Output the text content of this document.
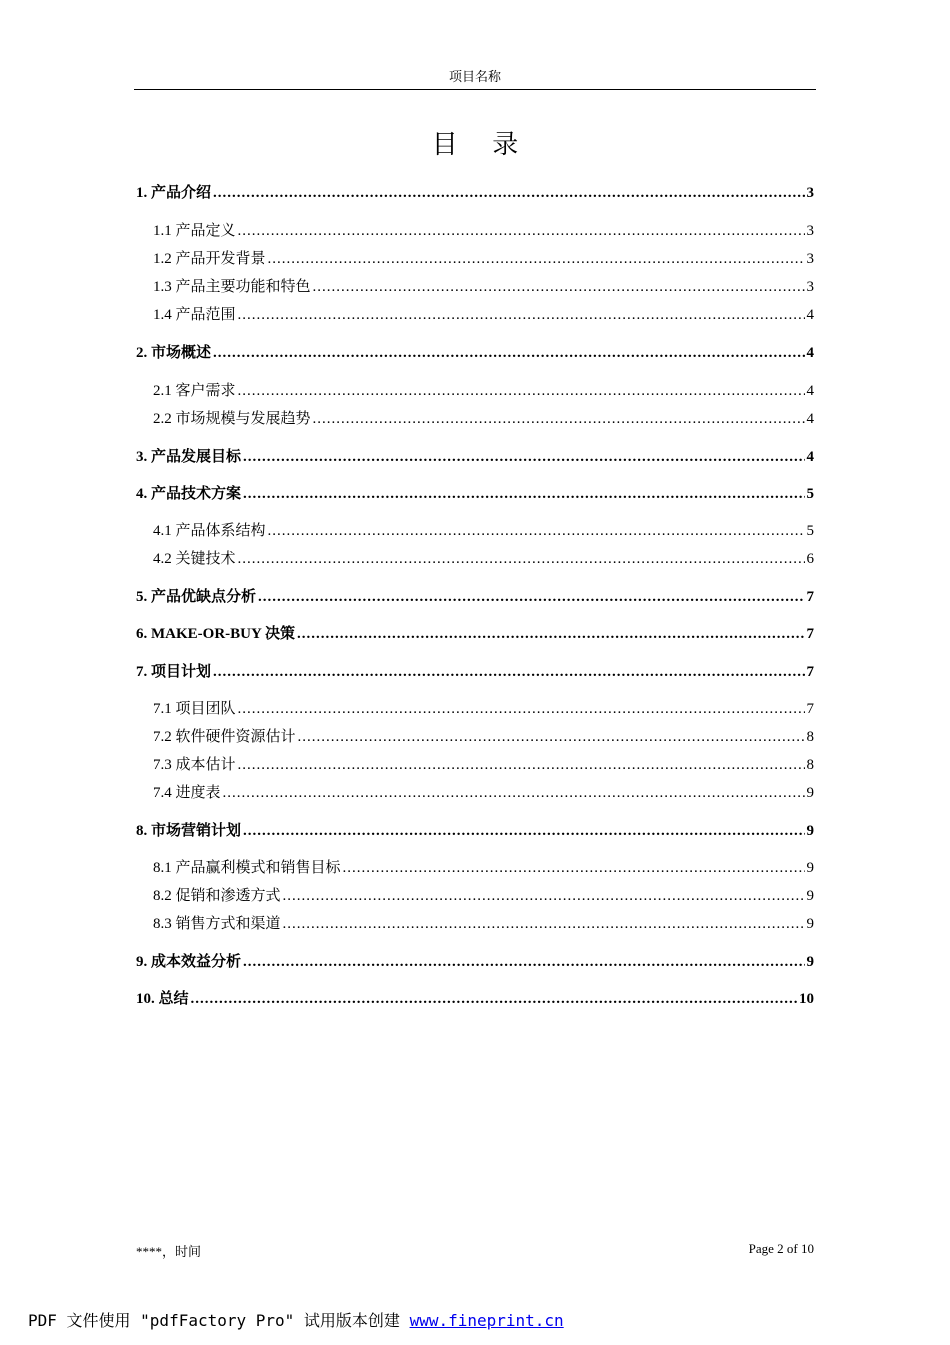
项目名称
目 录
1. 产品介绍 .....	3
1.1 产品定义 .....	3
1.2 产品开发背景 .....	3
1.3 产品主要功能和特色 .....	3
1.4 产品范围 .....	4
2. 市场概述 .....	4
2.1 客户需求 .....	4
2.2 市场规模与发展趋势 .....	4
3. 产品发展目标 .....	4
4. 产品技术方案 .....	5
4.1 产品体系结构 .....	5
4.2 关键技术 .....	6
5. 产品优缺点分析 .....	7
6. MAKE-OR-BUY 决策 .....	7
7. 项目计划 .....	7
7.1 项目团队 .....	7
7.2 软件硬件资源估计 .....	8
7.3 成本估计 .....	8
7.4 进度表 .....	9
8. 市场营销计划 .....	9
8.1 产品赢利模式和销售目标 .....	9
8.2 促销和渗透方式 .....	9
8.3 销售方式和渠道 .....	9
9. 成本效益分析 .....	9
10. 总结 .....	10
****，时间	Page 2 of 10
PDF 文件使用 "pdfFactory Pro" 试用版本创建 www.fineprint.cn
